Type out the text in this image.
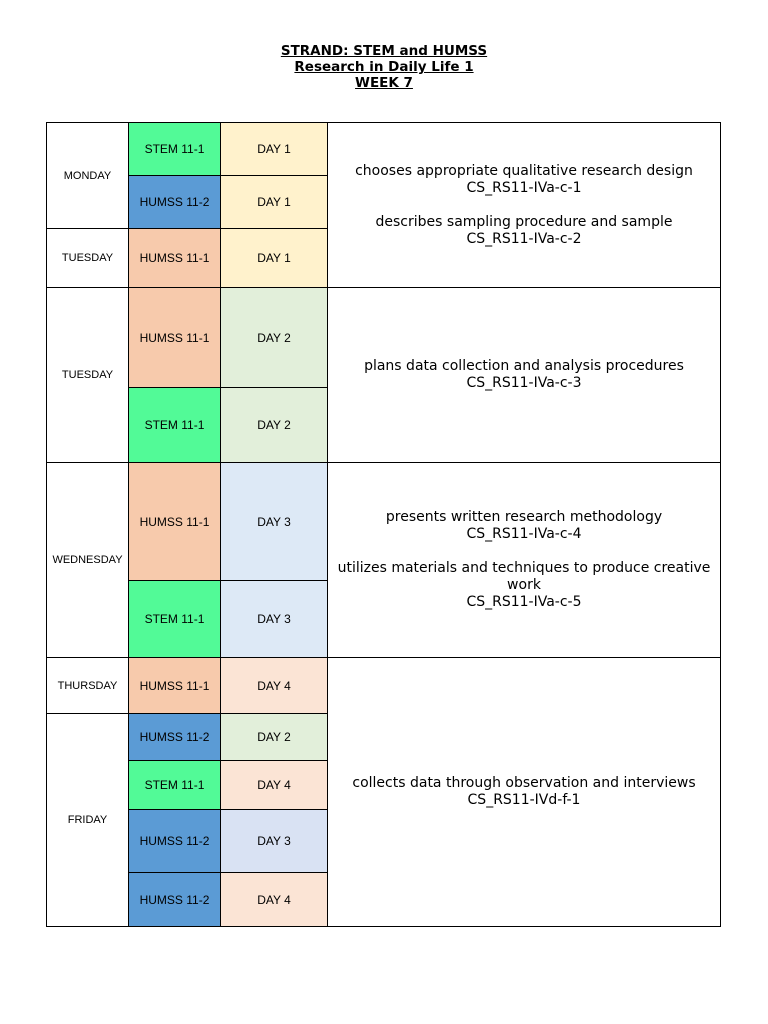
STRAND: STEM and HUMSS
Research in Daily Life 1
WEEK 7
MONDAY	STEM 11-1	DAY 1	chooses appropriate qualitative research design

CS_RS11-IVa-c-1

describes sampling procedure and sample

CS_RS11-IVa-c-2

	HUMSS 11-2	DAY 1	
TUESDAY	HUMSS 11-1	DAY 1	
TUESDAY	HUMSS 11-1	DAY 2	plans data collection and analysis procedures

CS_RS11-IVa-c-3

	STEM 11-1	DAY 2	
WEDNESDAY	HUMSS 11-1	DAY 3	presents written research methodology

CS_RS11-IVa-c-4

utilizes materials and techniques to produce creative work

CS_RS11-IVa-c-5

	STEM 11-1	DAY 3	
THURSDAY	HUMSS 11-1	DAY 4	collects data through observation and interviews

CS_RS11-IVd-f-1

FRIDAY	HUMSS 11-2	DAY 2	
	STEM 11-1	DAY 4	
	HUMSS 11-2	DAY 3	
	HUMSS 11-2	DAY 4	
